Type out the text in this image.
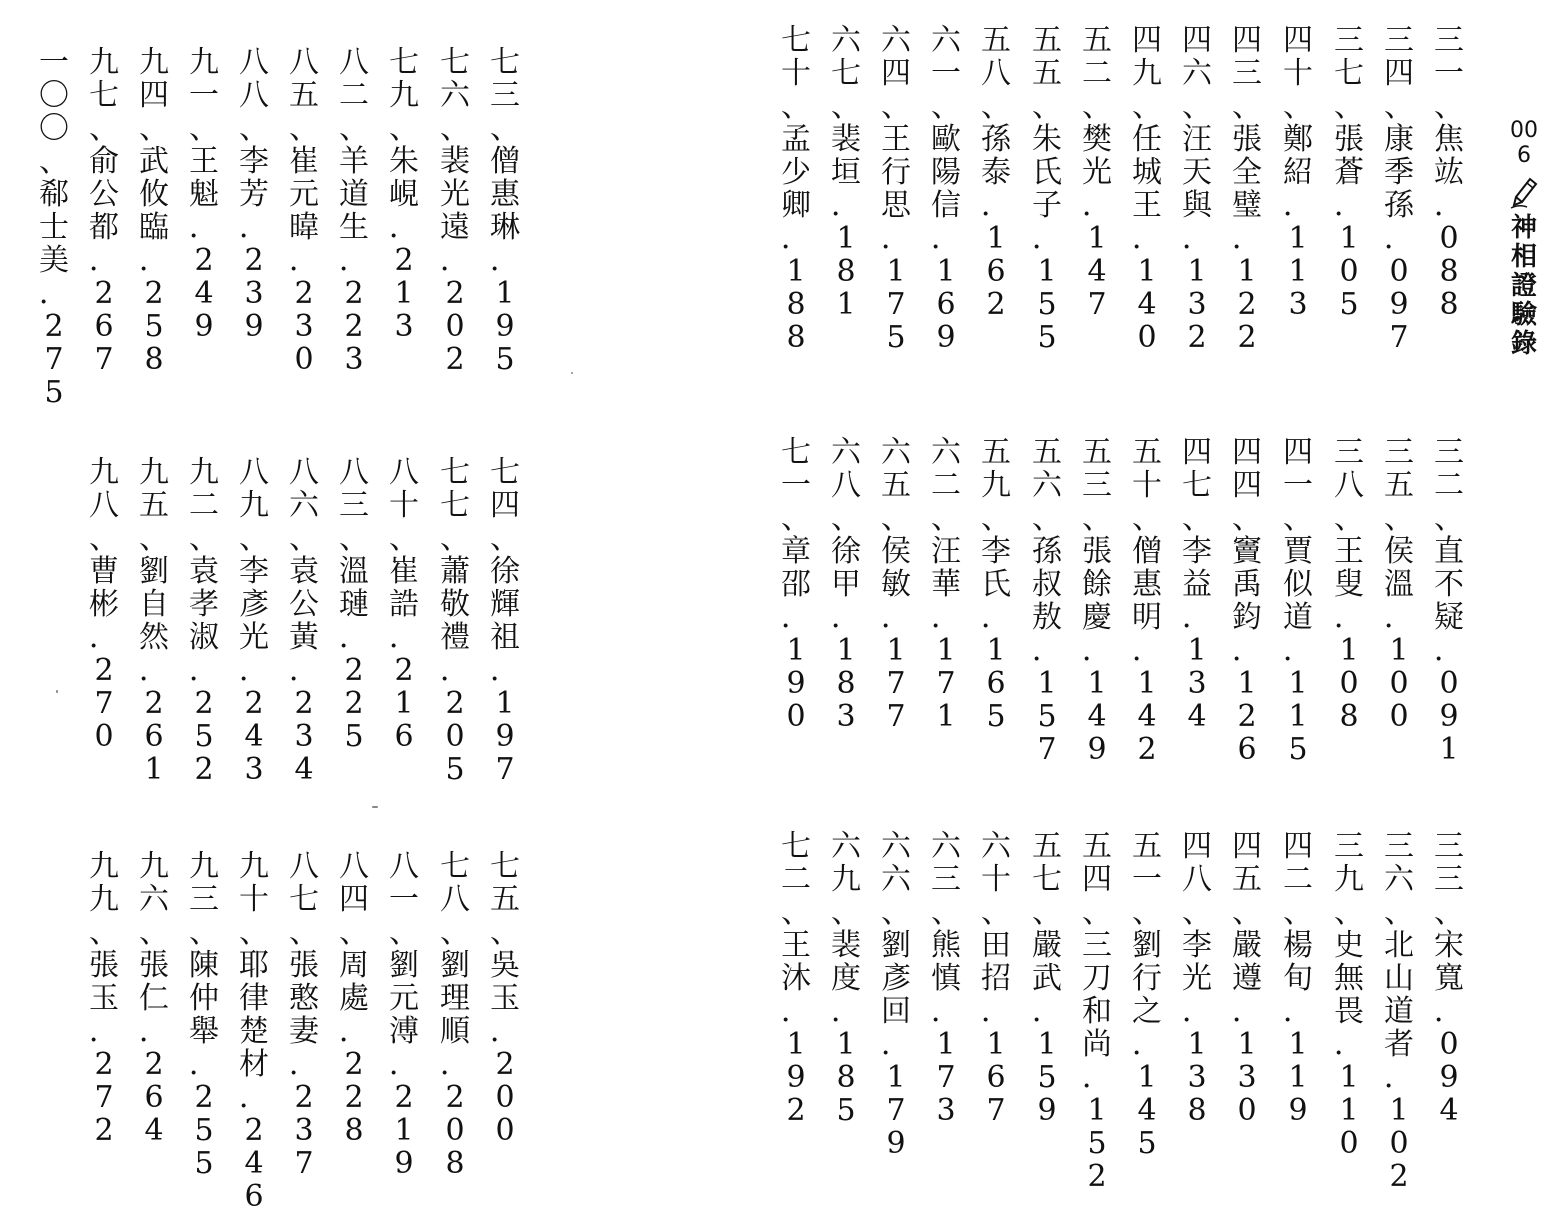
006
神相證驗錄
三一、焦竑．088
三四、康季孫．097
三七、張蒼．105
四十、鄭紹．113
四三、張全璧．122
四六、汪天與．132
四九、任城王．140
五二、樊光．147
五五、朱氏子．155
五八、孫泰．162
六一、歐陽信．169
六四、王行思．175
六七、裴垣．181
七十、孟少卿．188
三二、直不疑．091
三五、侯溫．100
三八、王叟．108
四一、賈似道．115
四四、竇禹鈞．126
四七、李益．134
五十、僧惠明．142
五三、張餘慶．149
五六、孫叔敖．157
五九、李氏．165
六二、汪華．171
六五、侯敏．177
六八、徐甲．183
七一、章邵．190
三三、宋寬．094
三六、北山道者．102
三九、史無畏．110
四二、楊旬．119
四五、嚴遵．130
四八、李光．138
五一、劉行之．145
五四、三刀和尚．152
五七、嚴武．159
六十、田招．167
六三、熊慎．173
六六、劉彥回．179
六九、裴度．185
七二、王沐．192
七三、僧惠琳．195
七六、裴光遠．202
七九、朱峴．213
八二、羊道生．223
八五、崔元暐．230
八八、李芳．239
九一、王魁．249
九四、武攸臨．258
九七、俞公都．267
一〇〇、郗士美．275
七四、徐輝祖．197
七七、蕭敬禮．205
八十、崔誥．216
八三、溫璉．225
八六、袁公黃．234
八九、李彥光．243
九二、袁孝淑．252
九五、劉自然．261
九八、曹彬．270
七五、吳玉．200
七八、劉理順．208
八一、劉元溥．219
八四、周處．228
八七、張憨妻．237
九十、耶律楚材．246
九三、陳仲舉．255
九六、張仁．264
九九、張玉．272
